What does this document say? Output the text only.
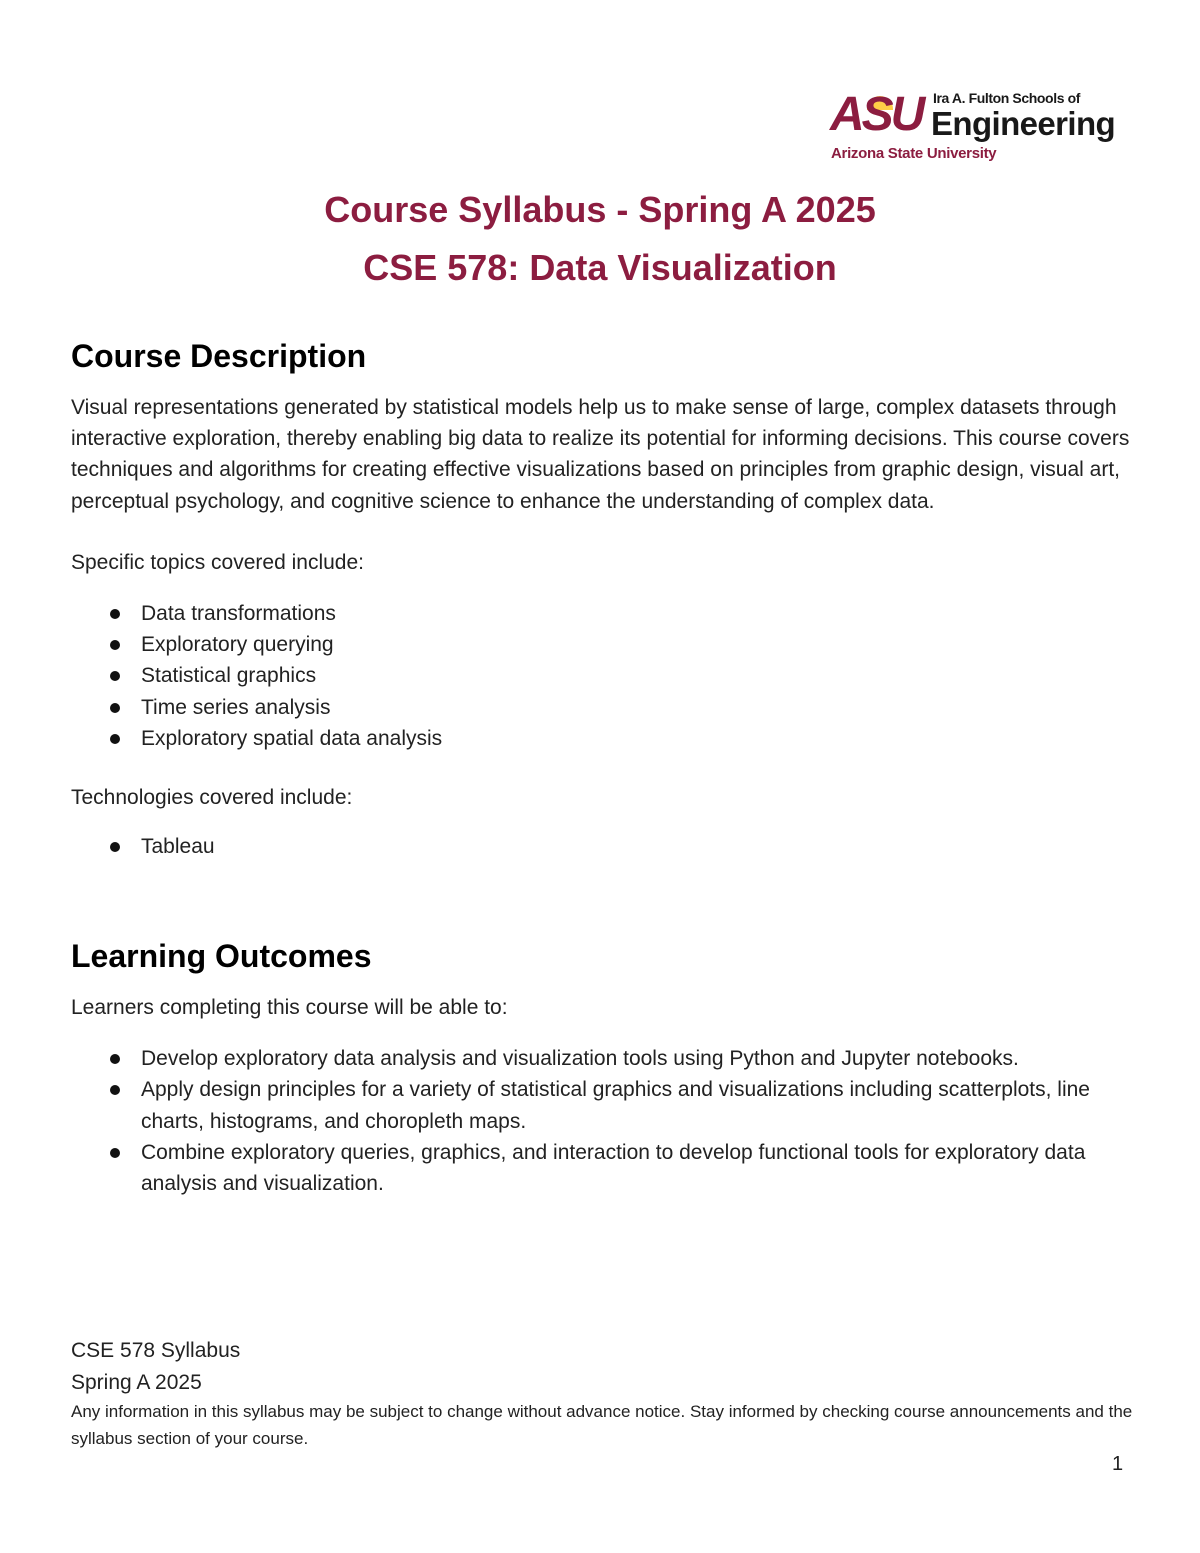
ASU Ira A. Fulton Schools of
Engineering
Arizona State University
Course Syllabus - Spring A 2025
CSE 578: Data Visualization
Course Description

Visual representations generated by statistical models help us to make sense of large, complex datasets through interactive exploration, thereby enabling big data to realize its potential for informing decisions. This course covers techniques and algorithms for creating effective visualizations based on principles from graphic design, visual art, perceptual psychology, and cognitive science to enhance the understanding of complex data.

Specific topics covered include:

Data transformations
Exploratory querying
Statistical graphics
Time series analysis
Exploratory spatial data analysis

Technologies covered include:

Tableau
Learning Outcomes

Learners completing this course will be able to:

Develop exploratory data analysis and visualization tools using Python and Jupyter notebooks.
Apply design principles for a variety of statistical graphics and visualizations including scatterplots, line charts, histograms, and choropleth maps.
Combine exploratory queries, graphics, and interaction to develop functional tools for exploratory data analysis and visualization.
CSE 578 Syllabus
Spring A 2025
Any information in this syllabus may be subject to change without advance notice. Stay informed by checking course announcements and the syllabus section of your course.
1
